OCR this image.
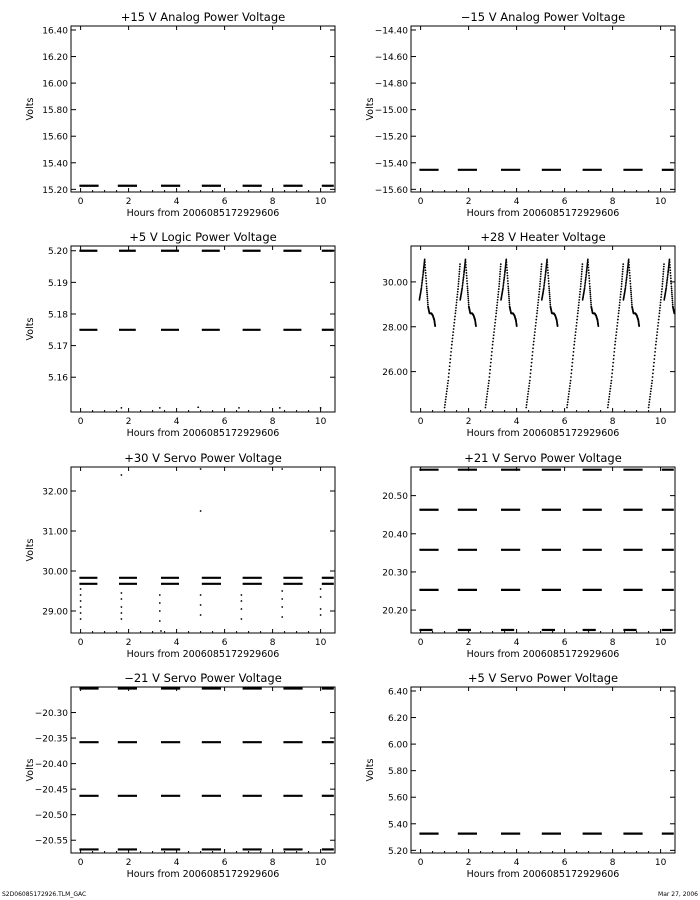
+15 V Analog Power Voltage
0	2	4	6	8	10
15.20
15.40
15.60
15.80
16.00
16.20
16.40
Hours from 2006085172929606
Volts
−15 V Analog Power Voltage
0	2	4	6	8	10
−15.60
−15.40
−15.20
−15.00
−14.80
−14.60
−14.40
Hours from 2006085172929606
Volts
+5 V Logic Power Voltage
0	2	4	6	8	10
5.16
5.17
5.18
5.19
5.20
Hours from 2006085172929606
Volts
+28 V Heater Voltage
0	2	4	6	8	10
26.00
28.00
30.00
Hours from 2006085172929606
+30 V Servo Power Voltage
0	2	4	6	8	10
29.00
30.00
31.00
32.00
Hours from 2006085172929606
Volts
+21 V Servo Power Voltage
0	2	4	6	8	10
20.20
20.30
20.40
20.50
Hours from 2006085172929606
−21 V Servo Power Voltage
0	2	4	6	8	10
−20.55
−20.50
−20.45
−20.40
−20.35
−20.30
Hours from 2006085172929606
Volts
+5 V Servo Power Voltage
0	2	4	6	8	10
5.20
5.40
5.60
5.80
6.00
6.20
6.40
Hours from 2006085172929606
Volts
S2D06085172926.TLM_GAC	Mar 27, 2006
